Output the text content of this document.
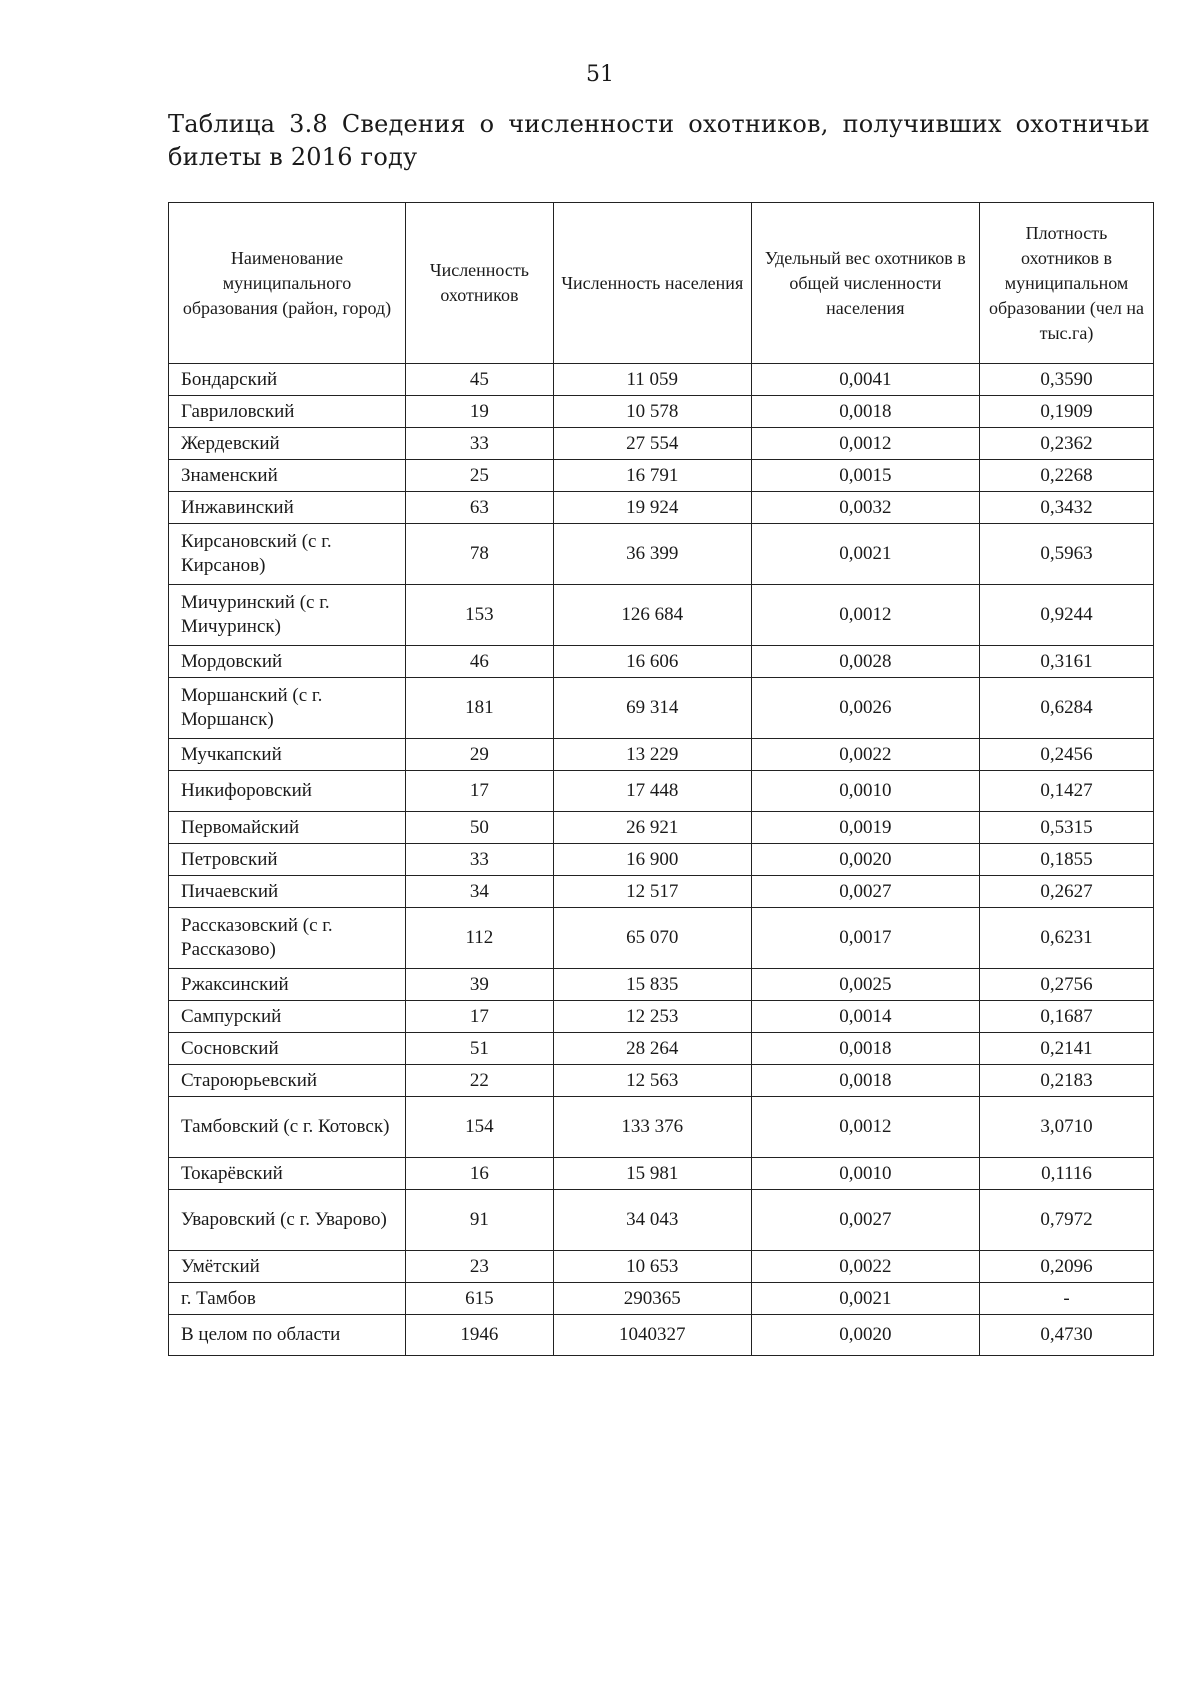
51
Таблица 3.8 Сведения о численности охотников, получивших охотничьи билеты в 2016 году
Наименование муниципального образования (район, город)	Численность охотников	Численность населения	Удельный вес охотников в общей численности населения	Плотность охотников в муниципальном образовании (чел на тыс.га)
Бондарский	45	11 059	0,0041	0,3590
Гавриловский	19	10 578	0,0018	0,1909
Жердевский	33	27 554	0,0012	0,2362
Знаменский	25	16 791	0,0015	0,2268
Инжавинский	63	19 924	0,0032	0,3432
Кирсановский (с г. Кирсанов)	78	36 399	0,0021	0,5963
Мичуринский (с г. Мичуринск)	153	126 684	0,0012	0,9244
Мордовский	46	16 606	0,0028	0,3161
Моршанский (с г. Моршанск)	181	69 314	0,0026	0,6284
Мучкапский	29	13 229	0,0022	0,2456
Никифоровский	17	17 448	0,0010	0,1427
Первомайский	50	26 921	0,0019	0,5315
Петровский	33	16 900	0,0020	0,1855
Пичаевский	34	12 517	0,0027	0,2627
Рассказовский (с г. Рассказово)	112	65 070	0,0017	0,6231
Ржаксинский	39	15 835	0,0025	0,2756
Сампурский	17	12 253	0,0014	0,1687
Сосновский	51	28 264	0,0018	0,2141
Староюрьевский	22	12 563	0,0018	0,2183
Тамбовский (с г. Котовск)	154	133 376	0,0012	3,0710
Токарёвский	16	15 981	0,0010	0,1116
Уваровский (с г. Уварово)	91	34 043	0,0027	0,7972
Умётский	23	10 653	0,0022	0,2096
г. Тамбов	615	290365	0,0021	-
В целом по области	1946	1040327	0,0020	0,4730
